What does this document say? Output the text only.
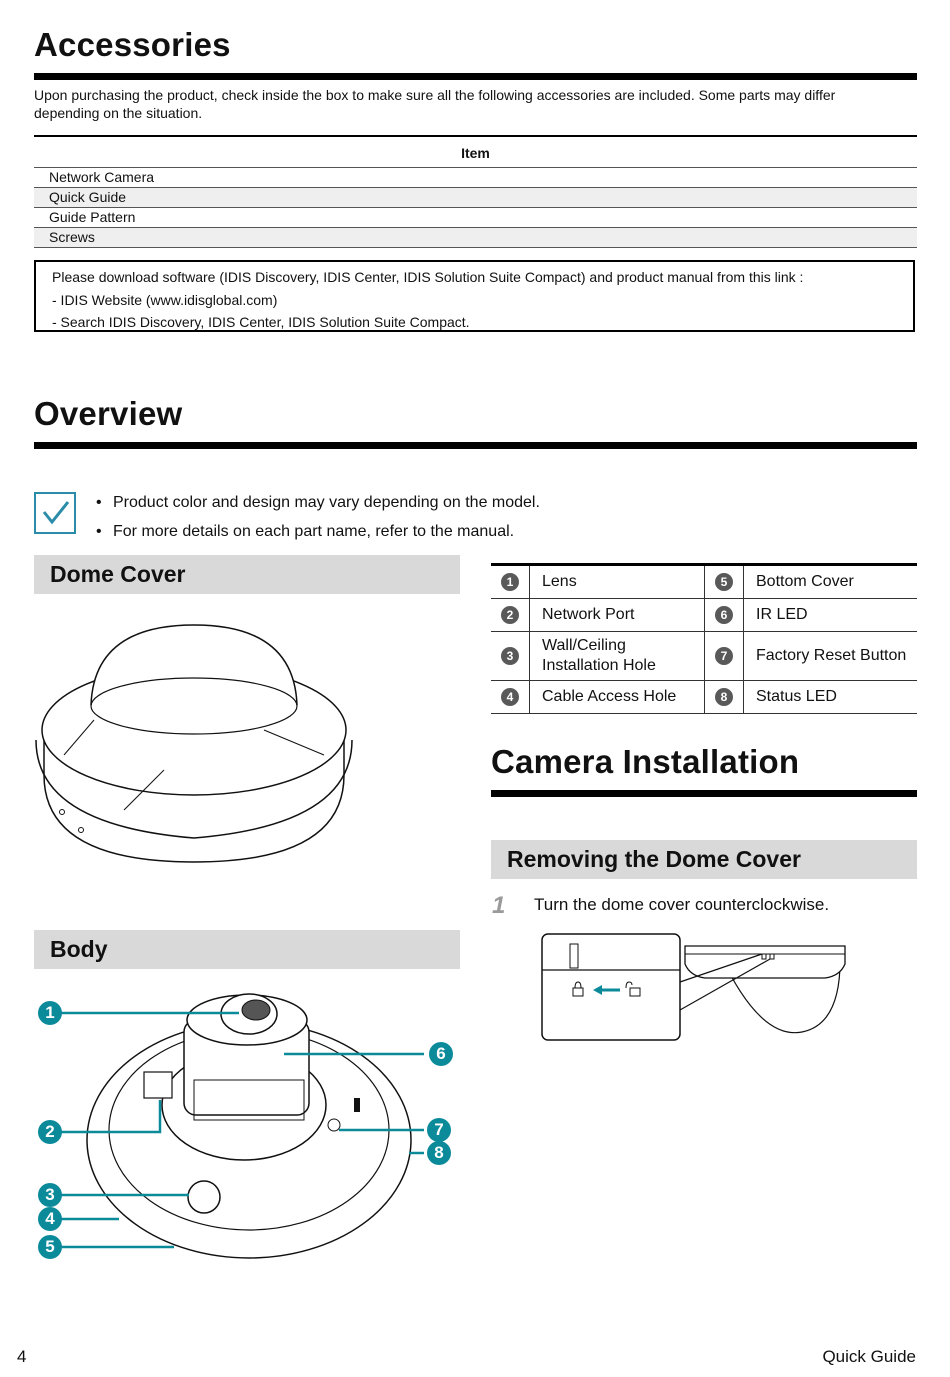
Accessories
Upon purchasing the product, check inside the box to make sure all the following accessories are included. Some parts may differ depending on the situation.
Item
Network Camera
Quick Guide
Guide Pattern
Screws
Please download software (IDIS Discovery, IDIS Center, IDIS Solution Suite Compact) and product manual from this link :
- IDIS Website (www.idisglobal.com)
- Search IDIS Discovery, IDIS Center, IDIS Solution Suite Compact.
Overview
• Product color and design may vary depending on the model.
• For more details on each part name, refer to the manual.
Dome Cover
Body
1
6
2	7
8
3
4
5
1	Lens	5	Bottom Cover
2	Network Port	6	IR LED
3	Wall/Ceiling Installation Hole	7	Factory Reset Button
4	Cable Access Hole	8	Status LED
Camera Installation
Removing the Dome Cover
1 Turn the dome cover counterclockwise.
4	Quick Guide
